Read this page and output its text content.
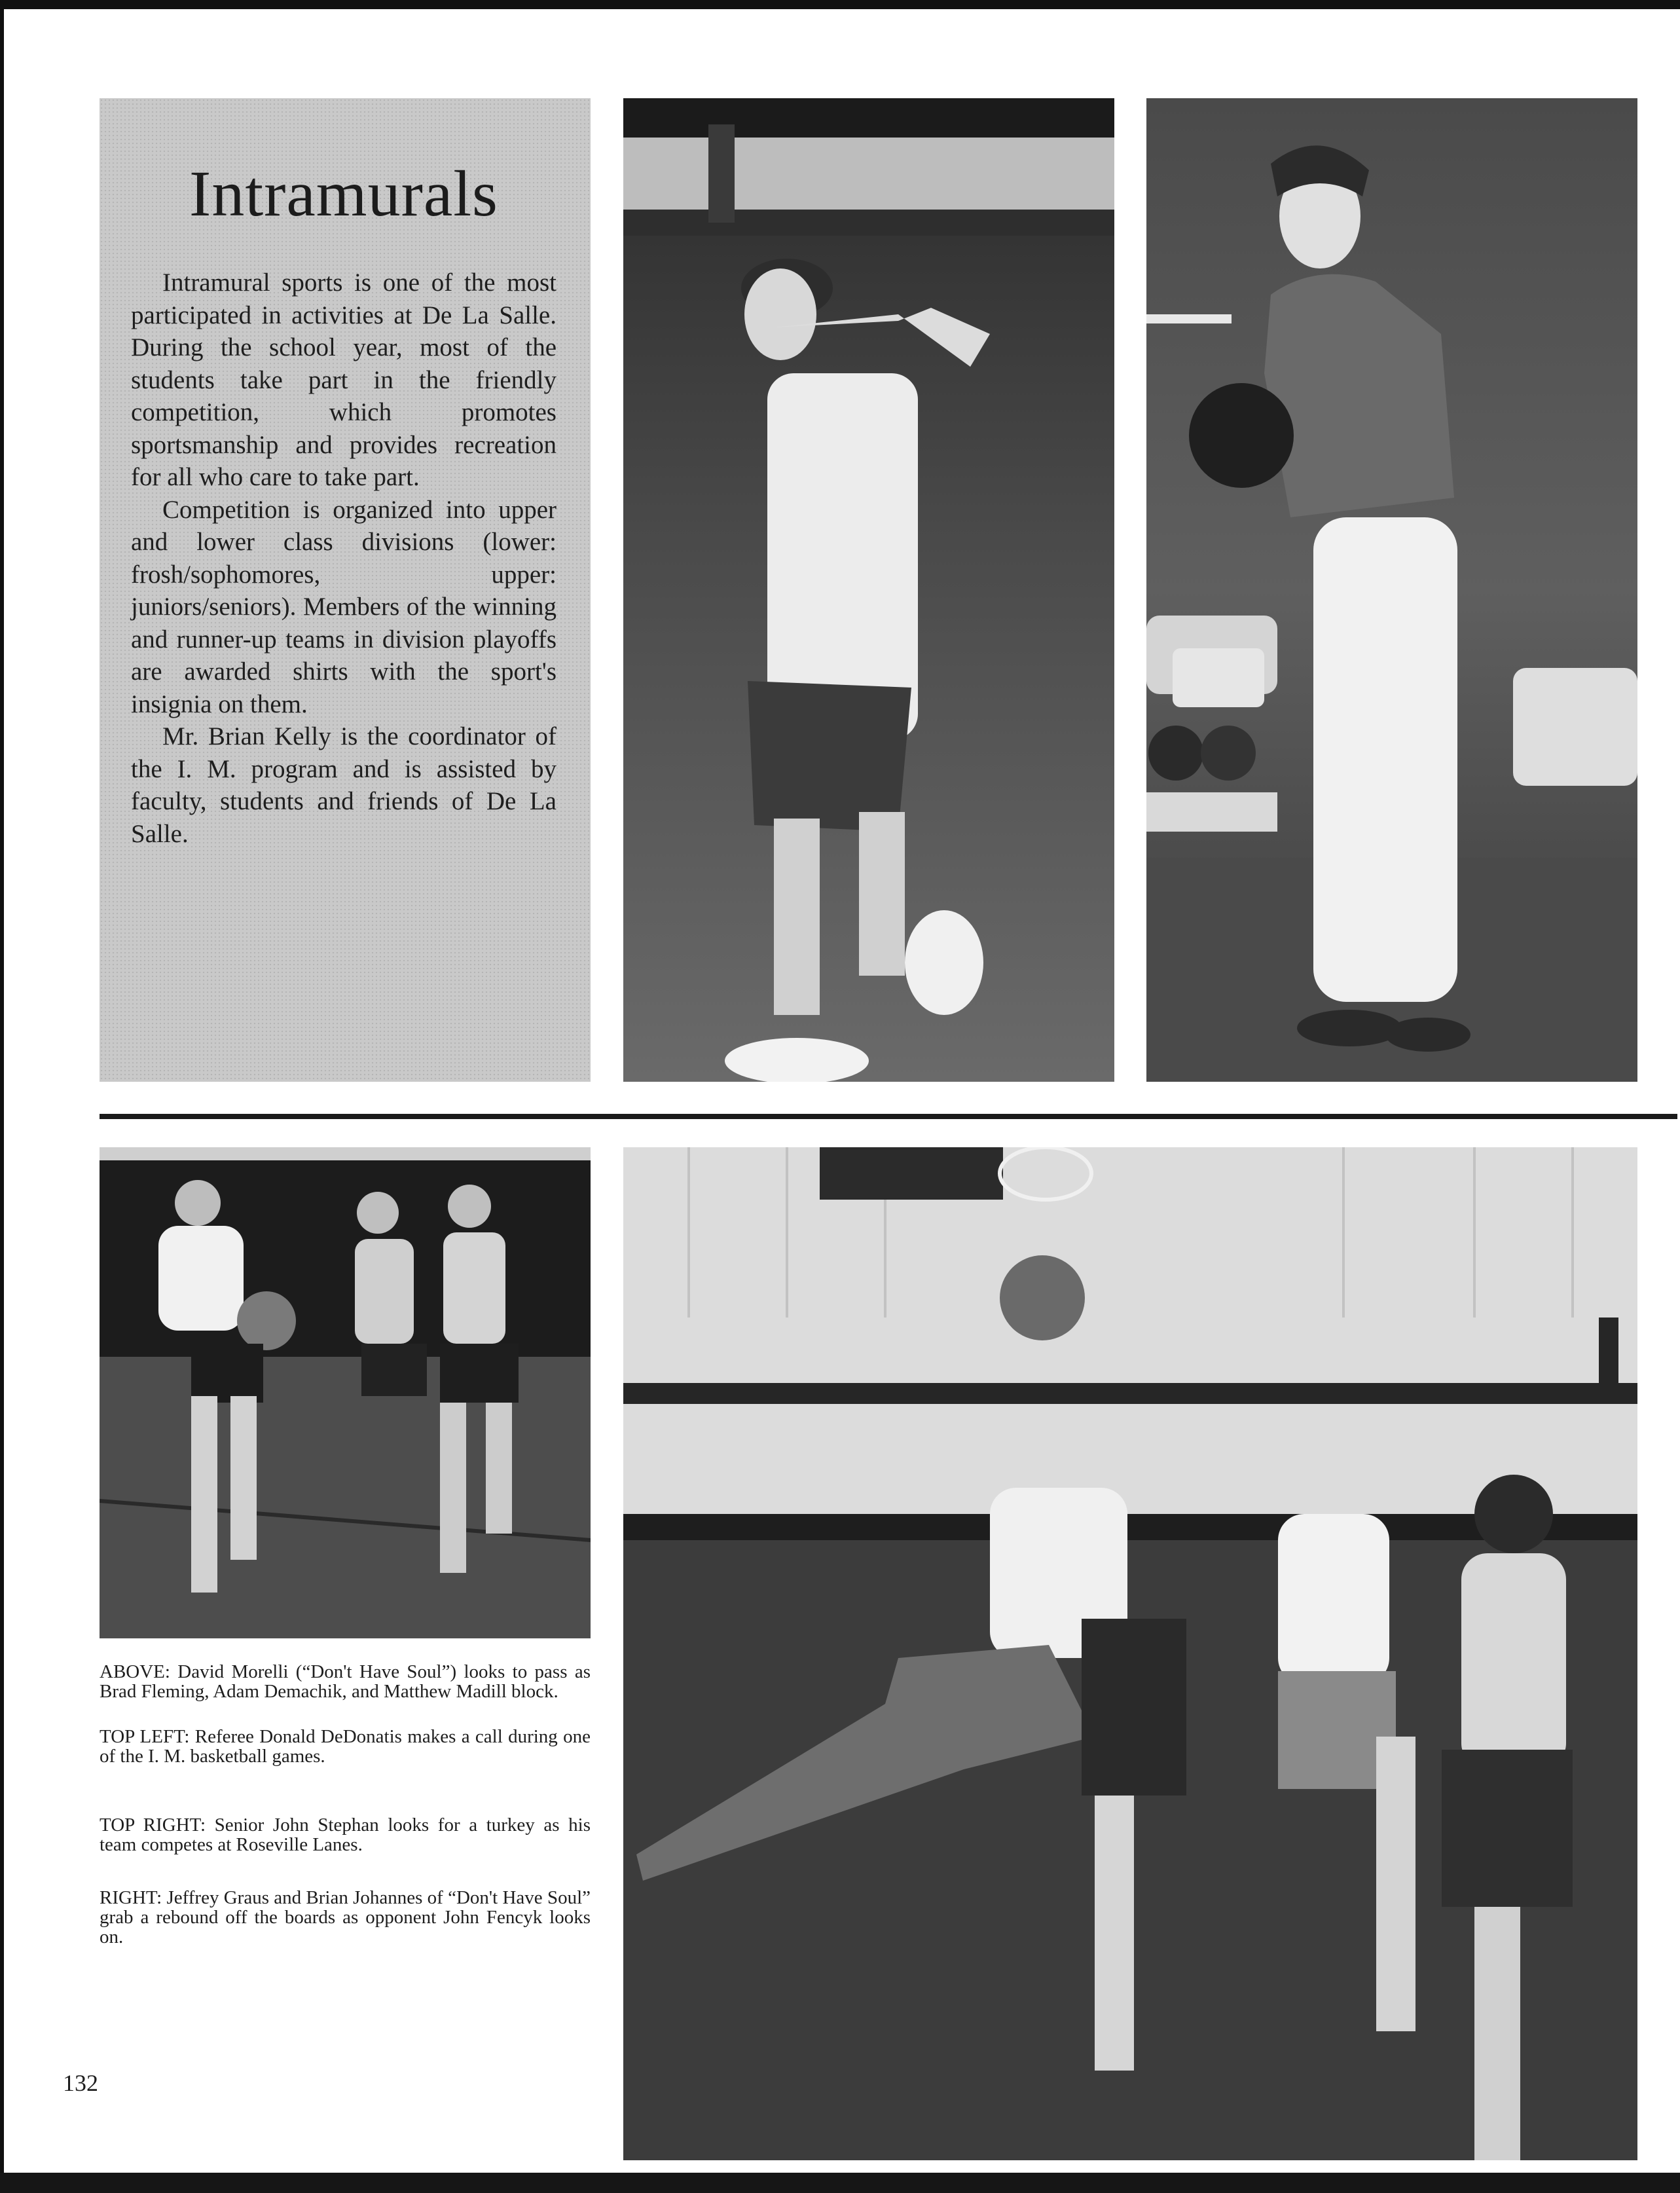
Intramurals

Intramural sports is one of the most participated in activities at De La Salle. During the school year, most of the students take part in the friendly competition, which promotes sportsmanship and provides recreation for all who care to take part.

Competition is organized into upper and lower class divisions (lower: frosh/sophomores, upper: juniors/seniors). Members of the winning and runner-up teams in division playoffs are awarded shirts with the sport's insignia on them.

Mr. Brian Kelly is the coordinator of the I. M. program and is assisted by faculty, students and friends of De La Salle.

ABOVE: David Morelli (“Don't Have Soul”) looks to pass as Brad Fleming, Adam Demachik, and Matthew Madill block.

TOP LEFT: Referee Donald DeDonatis makes a call during one of the I. M. basketball games.

TOP RIGHT: Senior John Stephan looks for a turkey as his team competes at Roseville Lanes.

RIGHT: Jeffrey Graus and Brian Johannes of “Don't Have Soul” grab a rebound off the boards as opponent John Fencyk looks on.

132
